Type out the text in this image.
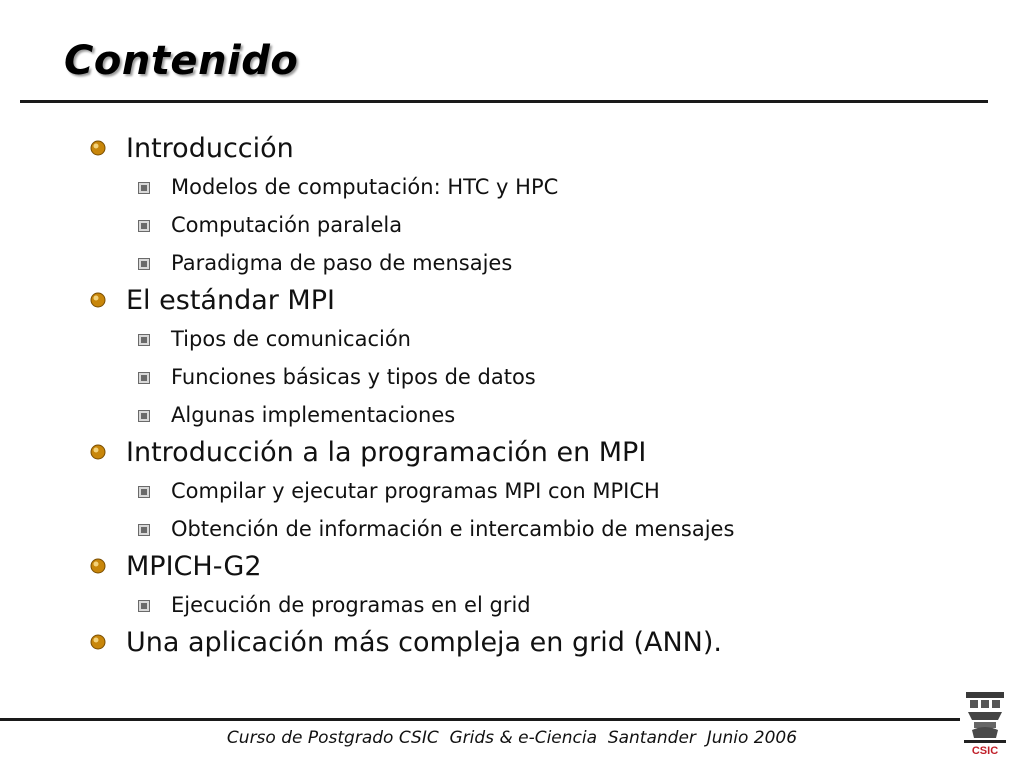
Contenido
Introducción
Modelos de computación: HTC y HPC
Computación paralela
Paradigma de paso de mensajes
El estándar MPI
Tipos de comunicación
Funciones básicas y tipos de datos
Algunas implementaciones
Introducción a la programación en MPI
Compilar y ejecutar programas MPI con MPICH
Obtención de información e intercambio de mensajes
MPICH-G2
Ejecución de programas en el grid
Una aplicación más compleja en grid (ANN).
Curso de Postgrado CSIC  Grids & e-Ciencia  Santander  Junio 2006
CSIC
